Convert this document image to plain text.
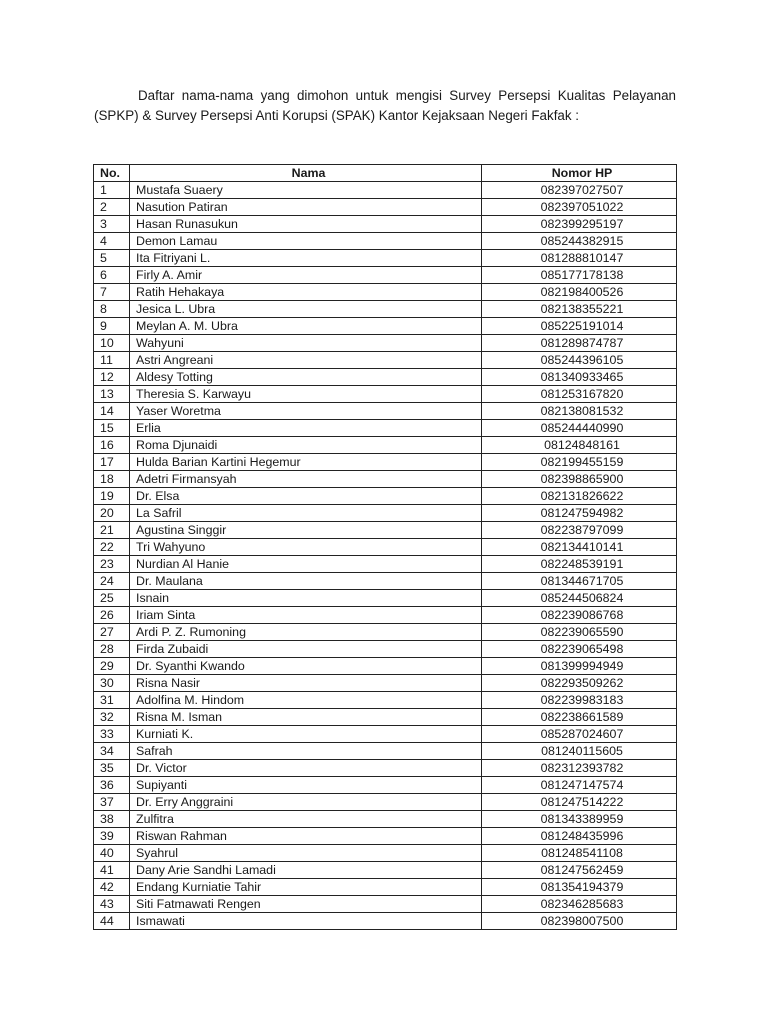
Daftar nama-nama yang dimohon untuk mengisi Survey Persepsi Kualitas Pelayanan (SPKP) & Survey Persepsi Anti Korupsi (SPAK) Kantor Kejaksaan Negeri Fakfak :

No.	Nama	Nomor HP
1	Mustafa Suaery	082397027507
2	Nasution Patiran	082397051022
3	Hasan Runasukun	082399295197
4	Demon Lamau	085244382915
5	Ita Fitriyani L.	081288810147
6	Firly A. Amir	085177178138
7	Ratih Hehakaya	082198400526
8	Jesica L. Ubra	082138355221
9	Meylan A. M. Ubra	085225191014
10	Wahyuni	081289874787
11	Astri Angreani	085244396105
12	Aldesy Totting	081340933465
13	Theresia S. Karwayu	081253167820
14	Yaser Woretma	082138081532
15	Erlia	085244440990
16	Roma Djunaidi	08124848161
17	Hulda Barian Kartini Hegemur	082199455159
18	Adetri Firmansyah	082398865900
19	Dr. Elsa	082131826622
20	La Safril	081247594982
21	Agustina Singgir	082238797099
22	Tri Wahyuno	082134410141
23	Nurdian Al Hanie	082248539191
24	Dr. Maulana	081344671705
25	Isnain	085244506824
26	Iriam Sinta	082239086768
27	Ardi P. Z. Rumoning	082239065590
28	Firda Zubaidi	082239065498
29	Dr. Syanthi Kwando	081399994949
30	Risna Nasir	082293509262
31	Adolfina M. Hindom	082239983183
32	Risna M. Isman	082238661589
33	Kurniati K.	085287024607
34	Safrah	081240115605
35	Dr. Victor	082312393782
36	Supiyanti	081247147574
37	Dr. Erry Anggraini	081247514222
38	Zulfitra	081343389959
39	Riswan Rahman	081248435996
40	Syahrul	081248541108
41	Dany Arie Sandhi Lamadi	081247562459
42	Endang Kurniatie Tahir	081354194379
43	Siti Fatmawati Rengen	082346285683
44	Ismawati	082398007500
